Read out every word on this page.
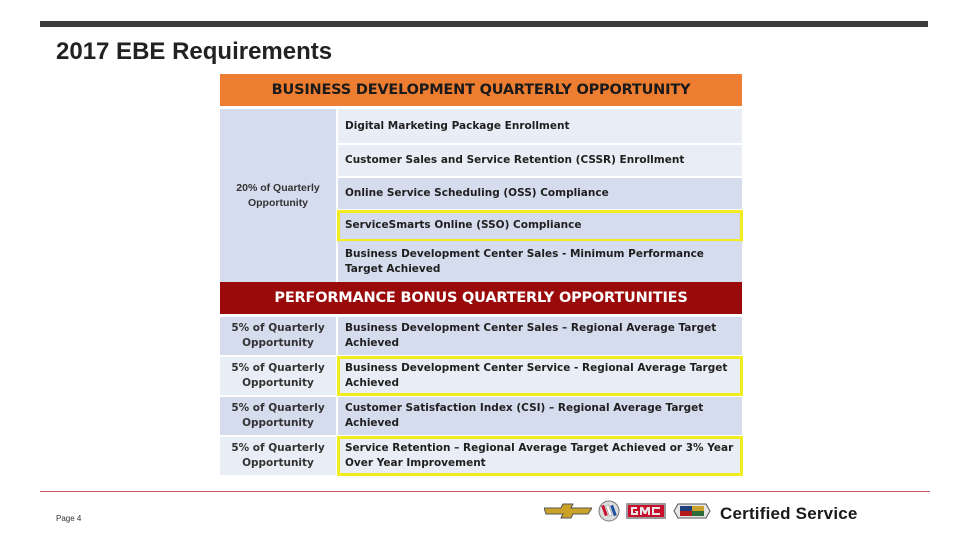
2017 EBE Requirements
BUSINESS DEVELOPMENT QUARTERLY OPPORTUNITY
20% of Quarterly Opportunity
Digital Marketing Package Enrollment
Customer Sales and Service Retention (CSSR) Enrollment
Online Service Scheduling (OSS) Compliance
ServiceSmarts Online (SSO) Compliance
Business Development Center Sales - Minimum Performance Target Achieved
PERFORMANCE BONUS QUARTERLY OPPORTUNITIES
5% of Quarterly Opportunity
Business Development Center Sales – Regional Average Target Achieved
5% of Quarterly Opportunity
Business Development Center Service - Regional Average Target Achieved
5% of Quarterly Opportunity
Customer Satisfaction Index (CSI) – Regional Average Target Achieved
5% of Quarterly Opportunity
Service Retention – Regional Average Target Achieved or 3% Year Over Year Improvement
Page 4	Certified Service
